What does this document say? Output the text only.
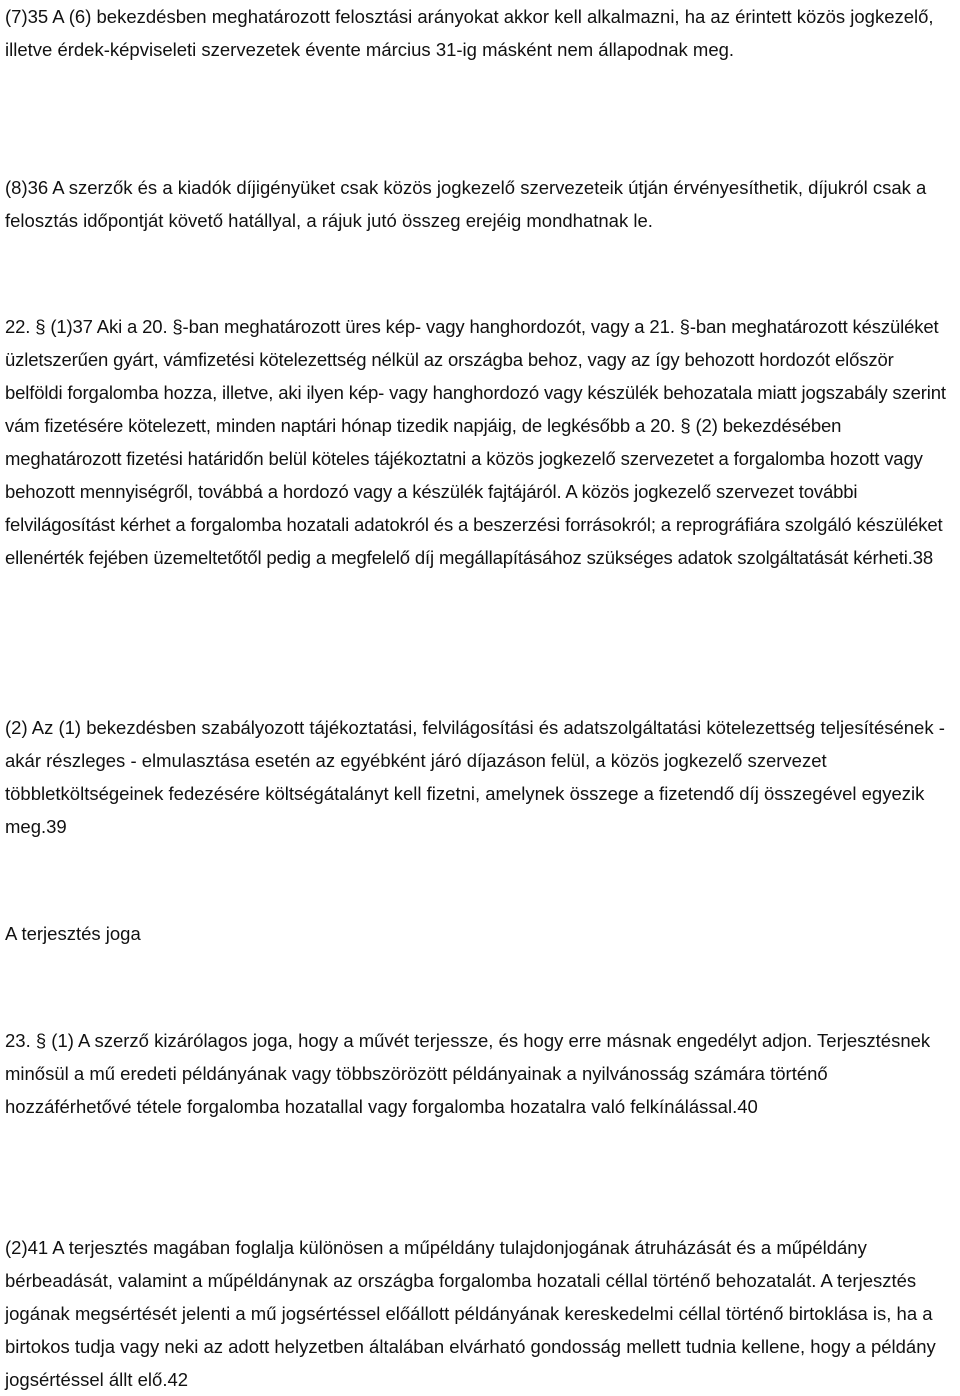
(7)35 A (6) bekezdésben meghatározott felosztási arányokat akkor kell alkalmazni, ha az érintett közös jogkezelő, illetve érdek-képviseleti szervezetek évente március 31-ig másként nem állapodnak meg.

(8)36 A szerzők és a kiadók díjigényüket csak közös jogkezelő szervezeteik útján érvényesíthetik, díjukról csak a felosztás időpontját követő hatállyal, a rájuk jutó összeg erejéig mondhatnak le.

22. § (1)37 Aki a 20. §-ban meghatározott üres kép- vagy hanghordozót, vagy a 21. §-ban meghatározott készüléket üzletszerűen gyárt, vámfizetési kötelezettség nélkül az országba behoz, vagy az így behozott hordozót először belföldi forgalomba hozza, illetve, aki ilyen kép- vagy hanghordozó vagy készülék behozatala miatt jogszabály szerint vám fizetésére kötelezett, minden naptári hónap tizedik napjáig, de legkésőbb a 20. § (2) bekezdésében meghatározott fizetési határidőn belül köteles tájékoztatni a közös jogkezelő szervezetet a forgalomba hozott vagy behozott mennyiségről, továbbá a hordozó vagy a készülék fajtájáról. A közös jogkezelő szervezet további felvilágosítást kérhet a forgalomba hozatali adatokról és a beszerzési forrásokról; a reprográfiára szolgáló készüléket ellenérték fejében üzemeltetőtől pedig a megfelelő díj megállapításához szükséges adatok szolgáltatását kérheti.38

(2) Az (1) bekezdésben szabályozott tájékoztatási, felvilágosítási és adatszolgáltatási kötelezettség teljesítésének - akár részleges - elmulasztása esetén az egyébként járó díjazáson felül, a közös jogkezelő szervezet többletköltségeinek fedezésére költségátalányt kell fizetni, amelynek összege a fizetendő díj összegével egyezik meg.39

A terjesztés joga

23. § (1) A szerző kizárólagos joga, hogy a művét terjessze, és hogy erre másnak engedélyt adjon. Terjesztésnek minősül a mű eredeti példányának vagy többszörözött példányainak a nyilvánosság számára történő hozzáférhetővé tétele forgalomba hozatallal vagy forgalomba hozatalra való felkínálással.40

(2)41 A terjesztés magában foglalja különösen a műpéldány tulajdonjogának átruházását és a műpéldány bérbeadását, valamint a műpéldánynak az országba forgalomba hozatali céllal történő behozatalát. A terjesztés jogának megsértését jelenti a mű jogsértéssel előállott példányának kereskedelmi céllal történő birtoklása is, ha a birtokos tudja vagy neki az adott helyzetben általában elvárható gondosság mellett tudnia kellene, hogy a példány jogsértéssel állt elő.42
